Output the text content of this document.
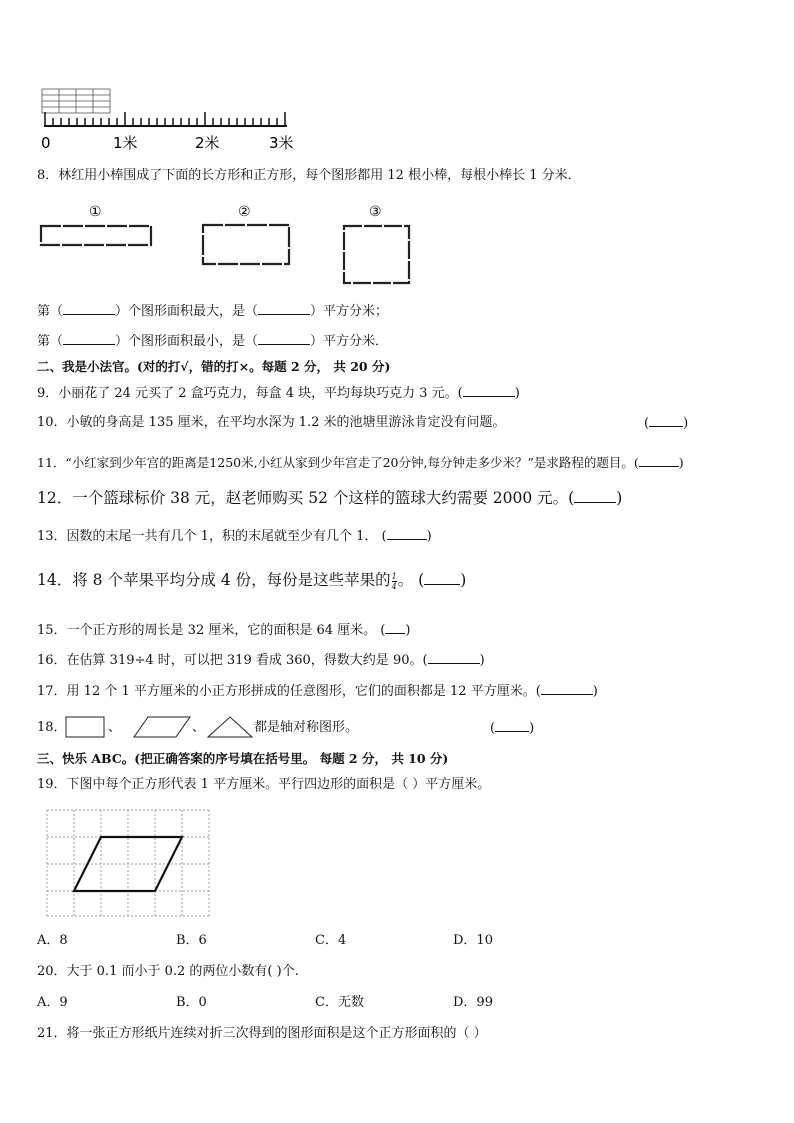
0	1米	2米	3米
8．林红用小棒围成了下面的长方形和正方形，每个图形都用 12 根小棒，每根小棒长 1 分米．
①	②	③
第（	）个图形面积最大，是（	）平方分米；
第（	）个图形面积最小，是（	）平方分米．
二、我是小法官。(对的打√，错的打×。每题 2 分， 共 20 分)
9．小丽花了 24 元买了 2 盒巧克力，每盒 4 块，平均每块巧克力 3 元。(	)
10．小敏的身高是 135 厘米，在平均水深为 1.2 米的池塘里游泳肯定没有问题。	(	)
11．“小红家到少年宫的距离是1250米,小红从家到少年宫走了20分钟,每分钟走多少米？”是求路程的题目。(	)
12．一个篮球标价 38 元，赵老师购买 52 个这样的篮球大约需要 2000 元。(	)
13．因数的末尾一共有几个 1，积的末尾就至少有几个 1． (	)
14．将 8 个苹果平均分成 4 份，每份是这些苹果的 $\frac{1}{4}$ 。 ( )
15．一个正方形的周长是 32 厘米，它的面积是 64 厘米。 ( )
16．在估算 319÷4 时，可以把 319 看成 360，得数大约是 90。(	)
17．用 12 个 1 平方厘米的小正方形拼成的任意图形，它们的面积都是 12 平方厘米。(	)
18．	、	、	都是轴对称图形。	(	)
三、快乐 ABC。(把正确答案的序号填在括号里。 每题 2 分， 共 10 分)
19．下图中每个正方形代表 1 平方厘米。平行四边形的面积是（ ）平方厘米。
A．8	B．6	C．4	D．10
20．大于 0.1 而小于 0.2 的两位小数有( )个.
A．9	B．0	C．无数	D．99
21．将一张正方形纸片连续对折三次得到的图形面积是这个正方形面积的（ ）
